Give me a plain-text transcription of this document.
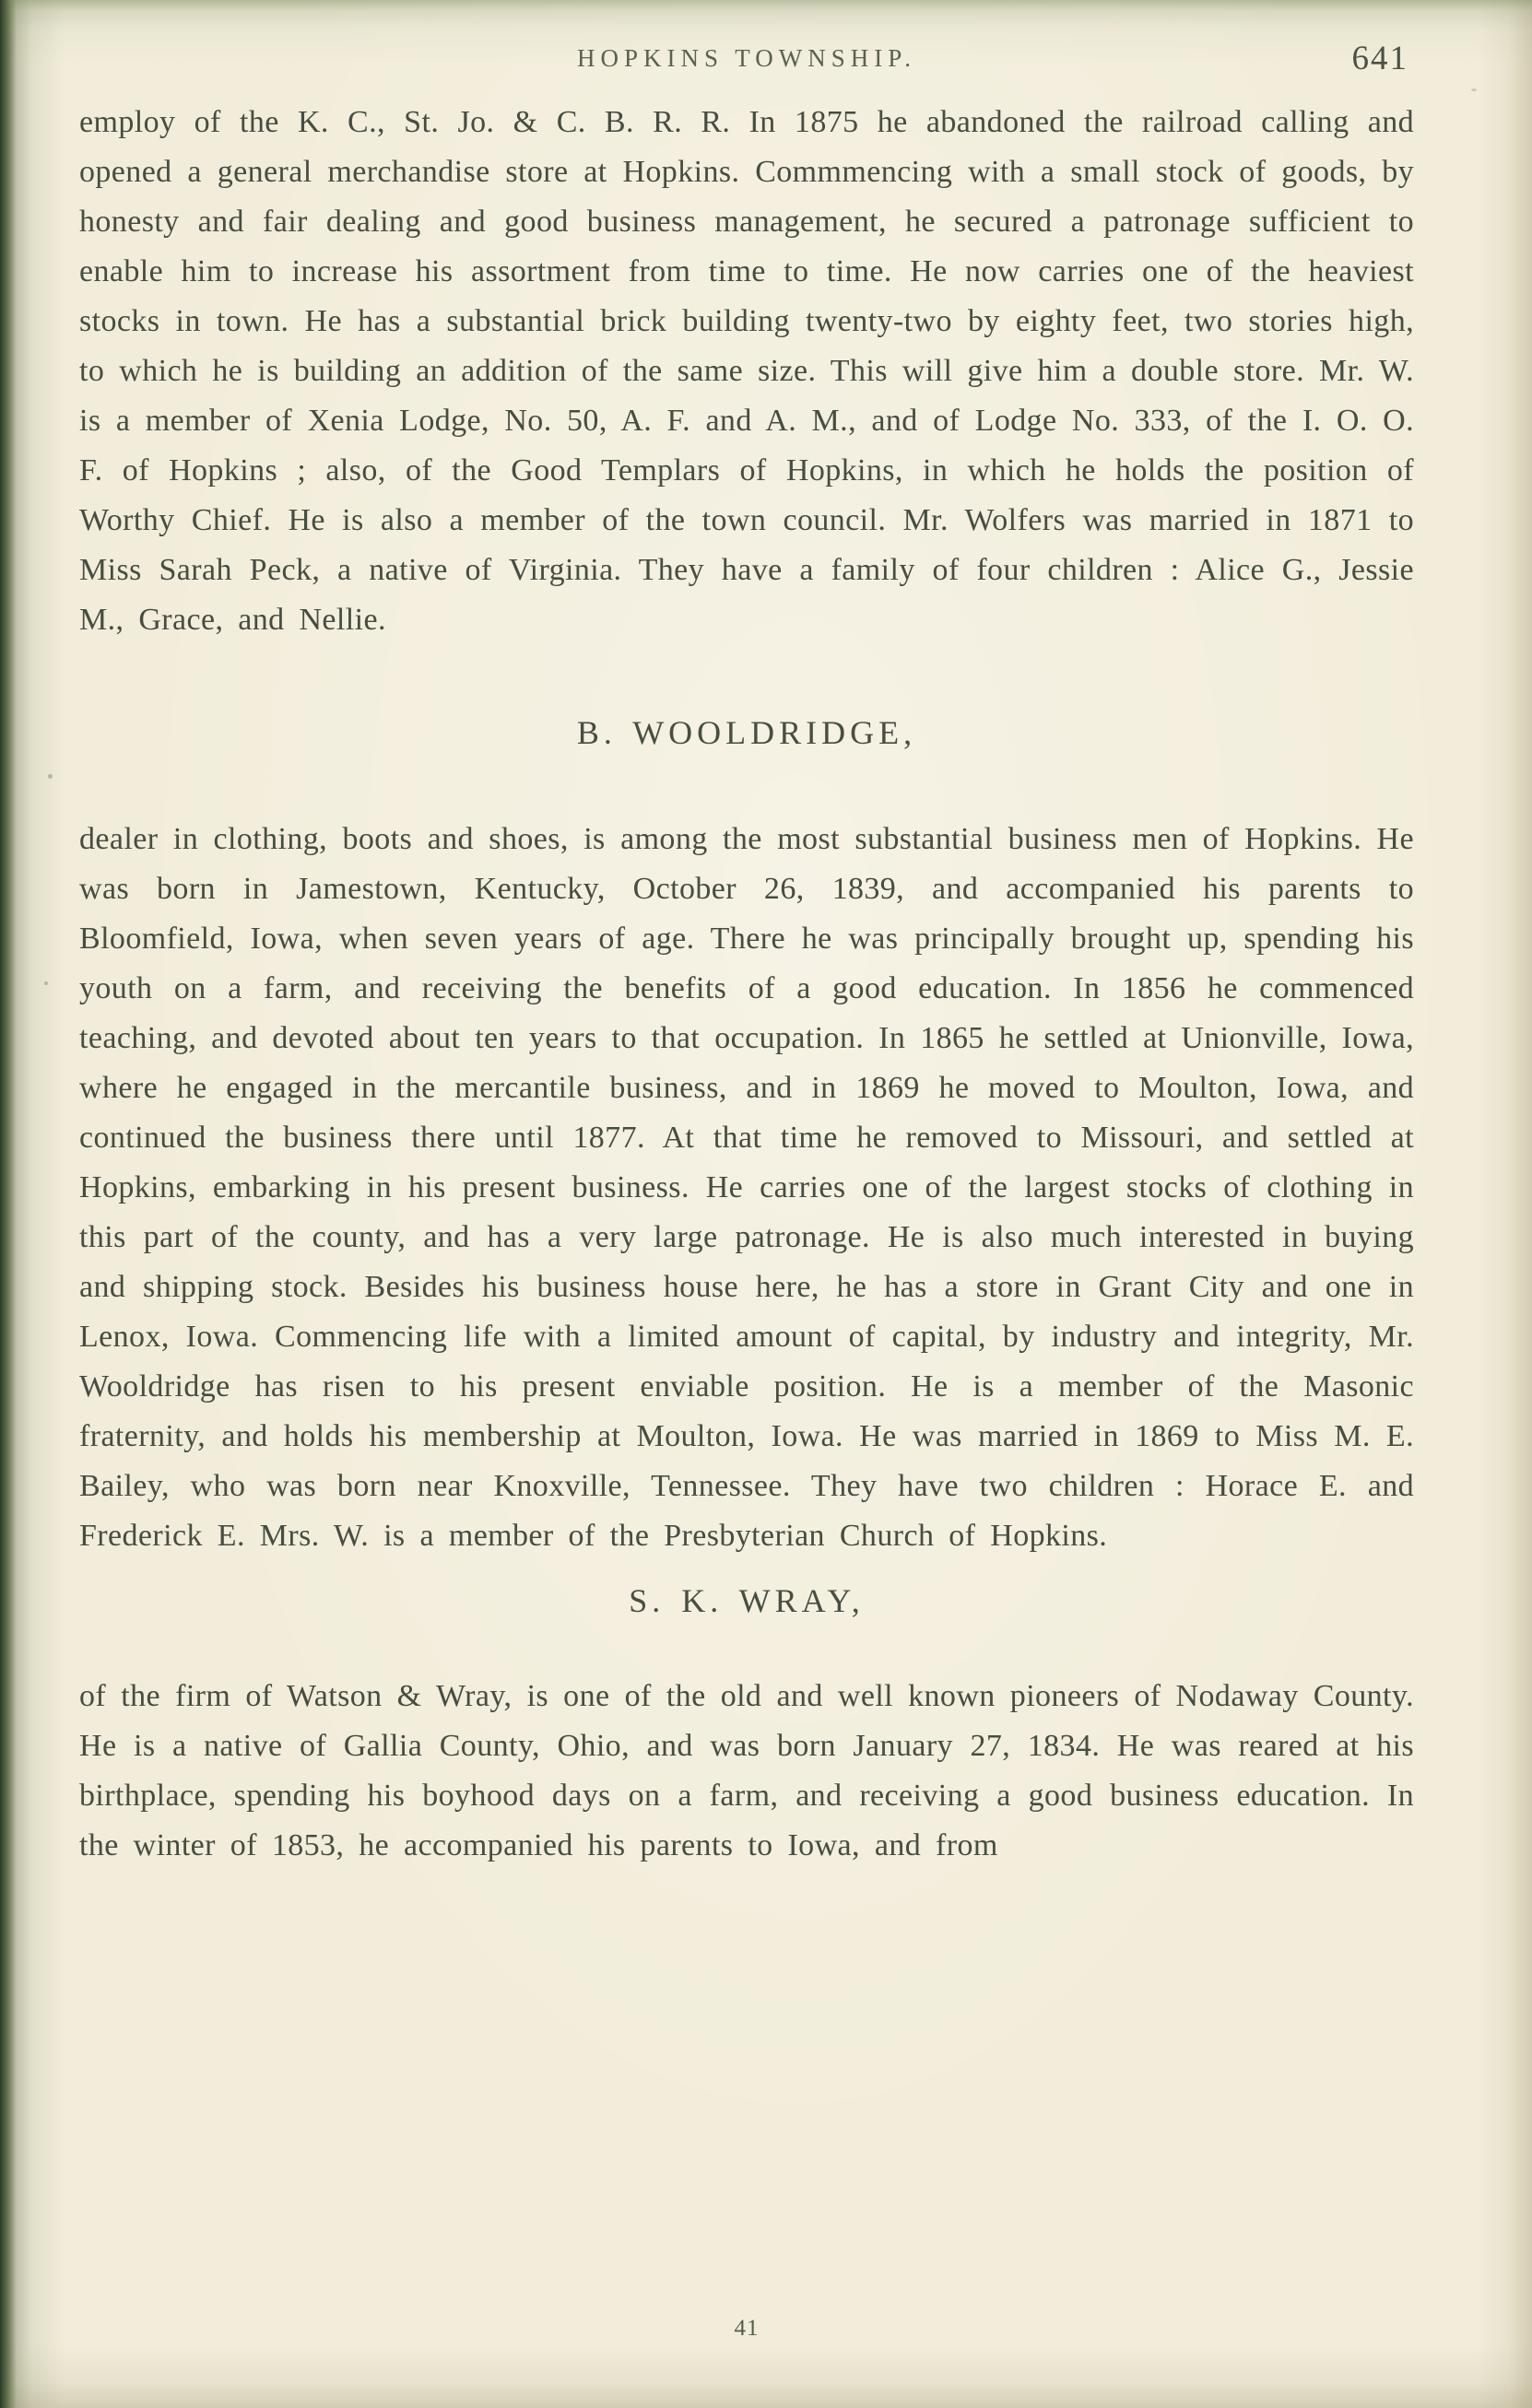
HOPKINS TOWNSHIP.	641

employ of the K. C., St. Jo. & C. B. R. R. In 1875 he abandoned the railroad calling and opened a general merchandise store at Hopkins. Commmencing with a small stock of goods, by honesty and fair dealing and good business management, he secured a patronage sufficient to enable him to increase his assortment from time to time. He now carries one of the heaviest stocks in town. He has a substantial brick building twenty-two by eighty feet, two stories high, to which he is building an addition of the same size. This will give him a double store. Mr. W. is a member of Xenia Lodge, No. 50, A. F. and A. M., and of Lodge No. 333, of the I. O. O. F. of Hopkins ; also, of the Good Templars of Hopkins, in which he holds the position of Worthy Chief. He is also a member of the town council. Mr. Wolfers was married in 1871 to Miss Sarah Peck, a native of Virginia. They have a family of four children : Alice G., Jessie M., Grace, and Nellie.

B. WOOLDRIDGE,

dealer in clothing, boots and shoes, is among the most substantial business men of Hopkins. He was born in Jamestown, Kentucky, October 26, 1839, and accompanied his parents to Bloomfield, Iowa, when seven years of age. There he was principally brought up, spending his youth on a farm, and receiving the benefits of a good education. In 1856 he commenced teaching, and devoted about ten years to that occupation. In 1865 he settled at Unionville, Iowa, where he engaged in the mercantile business, and in 1869 he moved to Moulton, Iowa, and continued the business there until 1877. At that time he removed to Missouri, and settled at Hopkins, embarking in his present business. He carries one of the largest stocks of clothing in this part of the county, and has a very large patronage. He is also much interested in buying and shipping stock. Besides his business house here, he has a store in Grant City and one in Lenox, Iowa. Commencing life with a limited amount of capital, by industry and integrity, Mr. Wooldridge has risen to his present enviable position. He is a member of the Masonic fraternity, and holds his membership at Moulton, Iowa. He was married in 1869 to Miss M. E. Bailey, who was born near Knoxville, Tennessee. They have two children : Horace E. and Frederick E. Mrs. W. is a member of the Presbyterian Church of Hopkins.

S. K. WRAY,

of the firm of Watson & Wray, is one of the old and well known pioneers of Nodaway County. He is a native of Gallia County, Ohio, and was born January 27, 1834. He was reared at his birthplace, spending his boyhood days on a farm, and receiving a good business education. In the winter of 1853, he accompanied his parents to Iowa, and from

41
